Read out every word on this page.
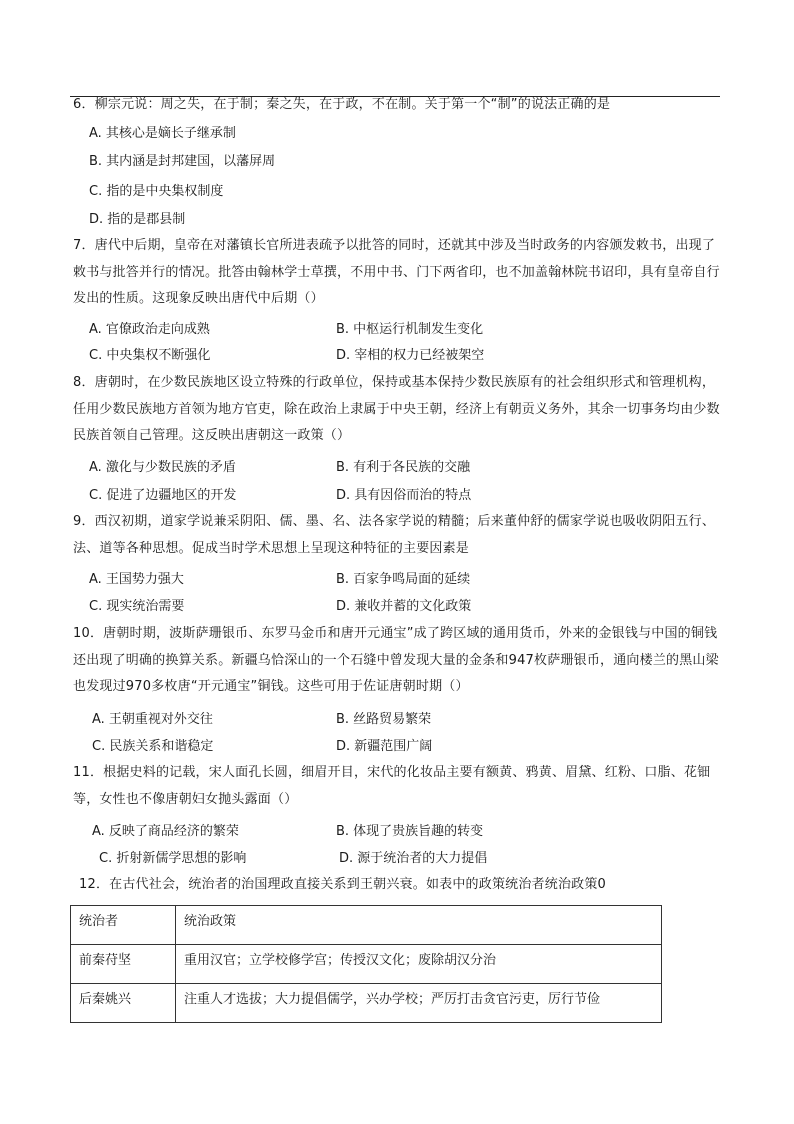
6．柳宗元说：周之失，在于制；秦之失，在于政，不在制。关于第一个“制”的说法正确的是
A. 其核心是嫡长子继承制
B. 其内涵是封邦建国，以藩屏周
C. 指的是中央集权制度
D. 指的是郡县制
7．唐代中后期，皇帝在对藩镇长官所进表疏予以批答的同时，还就其中涉及当时政务的内容颁发敕书，出现了敕书与批答并行的情况。批答由翰林学士草撰，不用中书、门下两省印，也不加盖翰林院书诏印，具有皇帝自行发出的性质。这现象反映出唐代中后期（）
A. 官僚政治走向成熟	B. 中枢运行机制发生变化
C. 中央集权不断强化	D. 宰相的权力已经被架空
8．唐朝时，在少数民族地区设立特殊的行政单位，保持或基本保持少数民族原有的社会组织形式和管理机构，任用少数民族地方首领为地方官吏，除在政治上隶属于中央王朝，经济上有朝贡义务外，其余一切事务均由少数民族首领自己管理。这反映出唐朝这一政策（）
A. 激化与少数民族的矛盾	B. 有利于各民族的交融
C. 促进了边疆地区的开发	D. 具有因俗而治的特点
9．西汉初期，道家学说兼采阴阳、儒、墨、名、法各家学说的精髓；后来董仲舒的儒家学说也吸收阴阳五行、法、道等各种思想。促成当时学术思想上呈现这种特征的主要因素是
A. 王国势力强大	B. 百家争鸣局面的延续
C. 现实统治需要	D. 兼收并蓄的文化政策
10．唐朝时期，波斯萨珊银币、东罗马金币和唐开元通宝”成了跨区域的通用货币，外来的金银钱与中国的铜钱还出现了明确的换算关系。新疆乌恰深山的一个石缝中曾发现大量的金条和947枚萨珊银币，通向楼兰的黑山梁也发现过970多枚唐“开元通宝”铜钱。这些可用于佐证唐朝时期（）
A. 王朝重视对外交往	B. 丝路贸易繁荣
C. 民族关系和谐稳定	D. 新疆范围广阔
11．根据史料的记载，宋人面孔长圆，细眉开目，宋代的化妆品主要有额黄、鸦黄、眉黛、红粉、口脂、花钿等，女性也不像唐朝妇女抛头露面（）
A. 反映了商品经济的繁荣	B. 体现了贵族旨趣的转变
C. 折射新儒学思想的影响	D. 源于统治者的大力提倡
12．在古代社会，统治者的治国理政直接关系到王朝兴衰。如表中的政策统治者统治政策0
统治者	统治政策
前秦苻坚	重用汉官；立学校修学宫；传授汉文化；废除胡汉分治
后秦姚兴	注重人才选拔；大力提倡儒学，兴办学校；严厉打击贪官污吏，厉行节俭
